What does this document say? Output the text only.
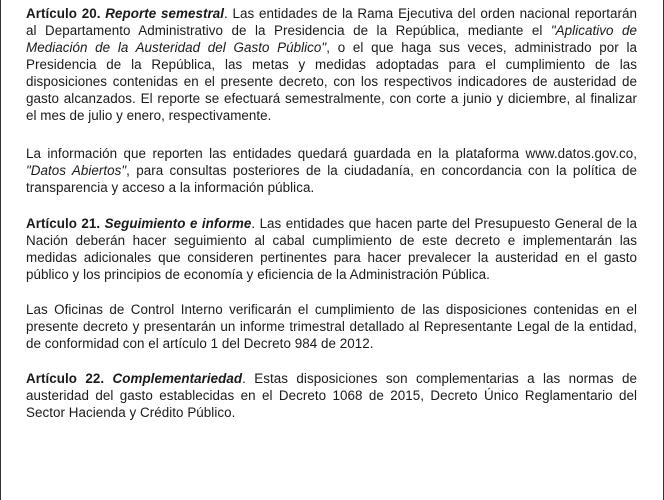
Artículo 20. Reporte semestral. Las entidades de la Rama Ejecutiva del orden nacional reportarán al Departamento Administrativo de la Presidencia de la República, mediante el "Aplicativo de Mediación de la Austeridad del Gasto Público", o el que haga sus veces, administrado por la Presidencia de la República, las metas y medidas adoptadas para el cumplimiento de las disposiciones contenidas en el presente decreto, con los respectivos indicadores de austeridad de gasto alcanzados. El reporte se efectuará semestralmente, con corte a junio y diciembre, al finalizar el mes de julio y enero, respectivamente.

La información que reporten las entidades quedará guardada en la plataforma www.datos.gov.co, "Datos Abiertos", para consultas posteriores de la ciudadanía, en concordancia con la política de transparencia y acceso a la información pública.

Artículo 21. Seguimiento e informe. Las entidades que hacen parte del Presupuesto General de la Nación deberán hacer seguimiento al cabal cumplimiento de este decreto e implementarán las medidas adicionales que consideren pertinentes para hacer prevalecer la austeridad en el gasto público y los principios de economía y eficiencia de la Administración Pública.

Las Oficinas de Control Interno verificarán el cumplimiento de las disposiciones contenidas en el presente decreto y presentarán un informe trimestral detallado al Representante Legal de la entidad, de conformidad con el artículo 1 del Decreto 984 de 2012.

Artículo 22. Complementariedad. Estas disposiciones son complementarias a las normas de austeridad del gasto establecidas en el Decreto 1068 de 2015, Decreto Único Reglamentario del Sector Hacienda y Crédito Público.
